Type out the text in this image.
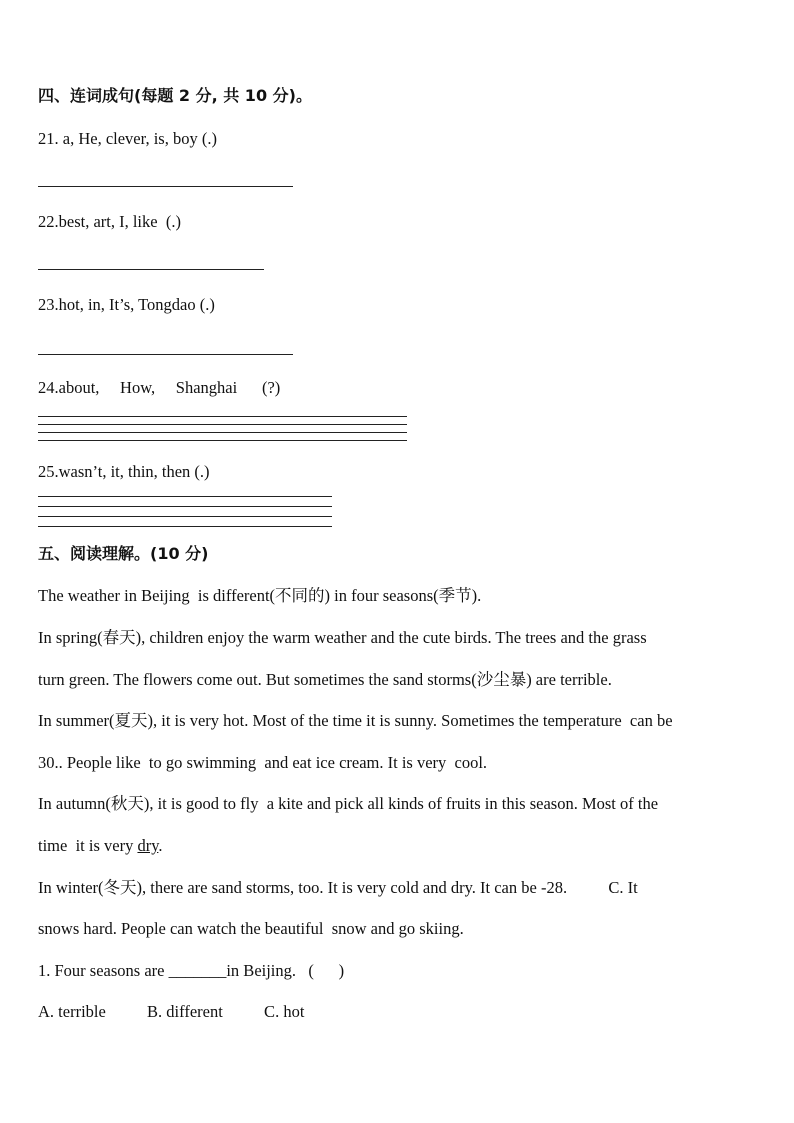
四、连词成句(每题 2 分, 共 10 分)。
21. a, He, clever, is, boy (.)
22.best, art, I, like  (.)
23.hot, in, It’s, Tongdao (.)
24.about,     How,     Shanghai      (?)
25.wasn’t, it, thin, then (.)
五、阅读理解。(10 分)
The weather in Beijing  is different(不同的) in four seasons(季节).
In spring(春天), children enjoy the warm weather and the cute birds. The trees and the grass
turn green. The flowers come out. But sometimes the sand storms(沙尘暴) are terrible.
In summer(夏天), it is very hot. Most of the time it is sunny. Sometimes the temperature  can be
30.. People like  to go swimming  and eat ice cream. It is very  cool.
In autumn(秋天), it is good to fly  a kite and pick all kinds of fruits in this season. Most of the
time  it is very dry.
In winter(冬天), there are sand storms, too. It is very cold and dry. It can be -28.          C. It
snows hard. People can watch the beautiful  snow and go skiing.
1. Four seasons are _______in Beijing.   (      )
A. terrible          B. different          C. hot
